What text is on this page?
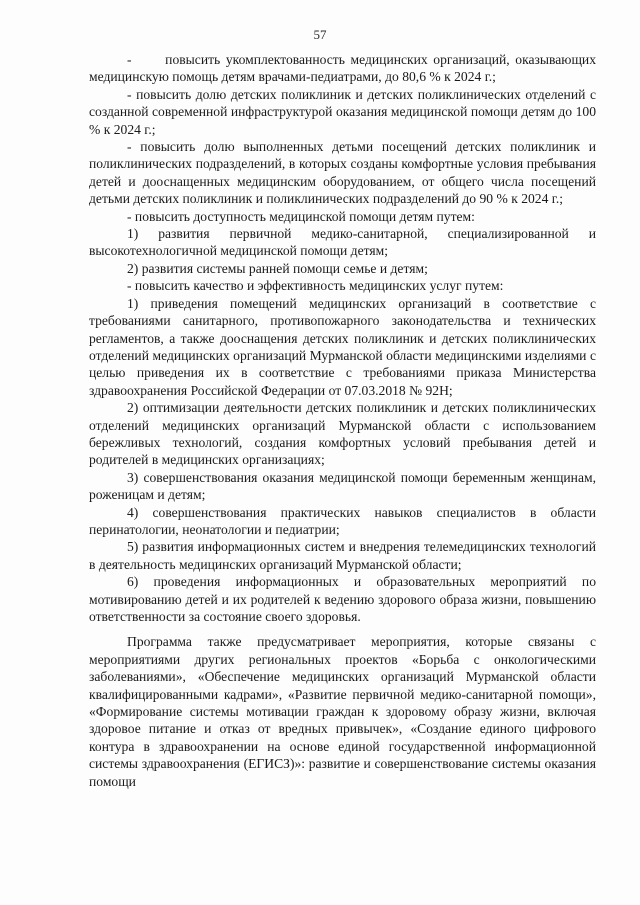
57

-      повысить укомплектованность медицинских организаций, оказывающих медицинскую помощь детям врачами-педиатрами, до 80,6 % к 2024 г.;

- повысить долю детских поликлиник и детских поликлинических отделений с созданной современной инфраструктурой оказания медицинской помощи детям до 100 % к 2024 г.;

- повысить долю выполненных детьми посещений детских поликлиник и поликлинических подразделений, в которых созданы комфортные условия пребывания детей и дооснащенных медицинским оборудованием, от общего числа посещений детьми детских поликлиник и поликлинических подразделений до 90 % к 2024 г.;

- повысить доступность медицинской помощи детям путем:

1) развития первичной медико-санитарной, специализированной и высокотехнологичной медицинской помощи детям;

2) развития системы ранней помощи семье и детям;

- повысить качество и эффективность медицинских услуг путем:

1) приведения помещений медицинских организаций в соответствие с требованиями санитарного, противопожарного законодательства и технических регламентов, а также дооснащения детских поликлиник и детских поликлинических отделений медицинских организаций Мурманской области медицинскими изделиями с целью приведения их в соответствие с требованиями приказа Министерства здравоохранения Российской Федерации от 07.03.2018 № 92Н;

2) оптимизации деятельности детских поликлиник и детских поликлинических отделений медицинских организаций Мурманской области с использованием бережливых технологий, создания комфортных условий пребывания детей и родителей в медицинских организациях;

3) совершенствования оказания медицинской помощи беременным женщинам, роженицам и детям;

4) совершенствования практических навыков специалистов в области перинатологии, неонатологии и педиатрии;

5) развития информационных систем и внедрения телемедицинских технологий в деятельность медицинских организаций Мурманской области;

6) проведения информационных и образовательных мероприятий по мотивированию детей и их родителей к ведению здорового образа жизни, повышению ответственности за состояние своего здоровья.

Программа также предусматривает мероприятия, которые связаны с мероприятиями других региональных проектов «Борьба с онкологическими заболеваниями», «Обеспечение медицинских организаций Мурманской области квалифицированными кадрами», «Развитие первичной медико-санитарной помощи», «Формирование системы мотивации граждан к здоровому образу жизни, включая здоровое питание и отказ от вредных привычек», «Создание единого цифрового контура в здравоохранении на основе единой государственной информационной системы здравоохранения (ЕГИСЗ)»: развитие и совершенствование системы оказания помощи
